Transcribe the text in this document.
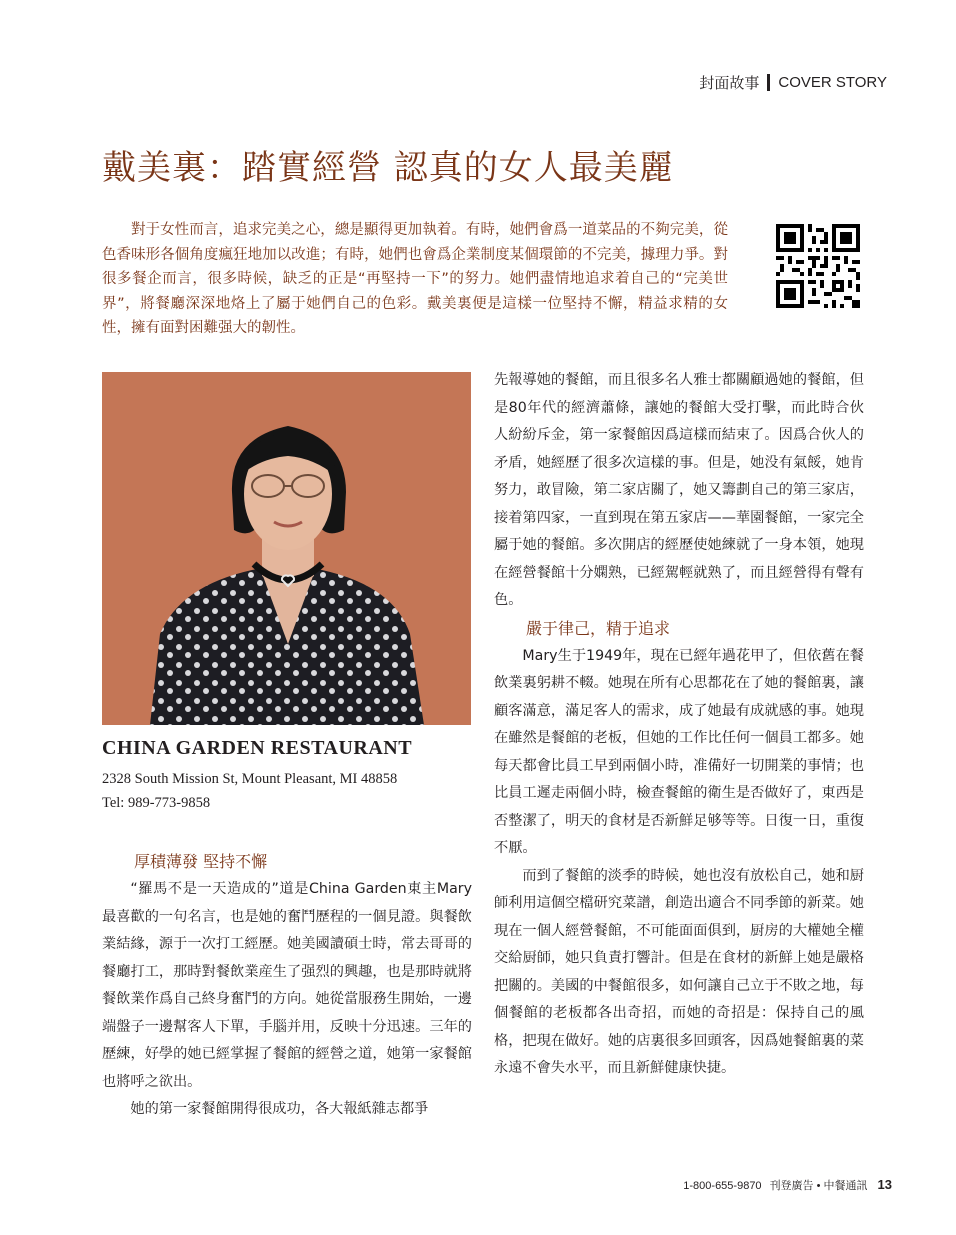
封面故事 COVER STORY
戴美裏：踏實經營 認真的女人最美麗

對于女性而言，追求完美之心，總是顯得更加執着。有時，她們會爲一道菜品的不夠完美，從色香味形各個角度瘋狂地加以改進；有時，她們也會爲企業制度某個環節的不完美，據理力爭。對很多餐企而言，很多時候，缺乏的正是“再堅持一下”的努力。她們盡情地追求着自己的“完美世界”，將餐廳深深地烙上了屬于她們自己的色彩。戴美裏便是這樣一位堅持不懈，精益求精的女性，擁有面對困難强大的韌性。

CHINA GARDEN RESTAURANT
2328 South Mission St, Mount Pleasant, MI 48858
Tel: 989-773-9858

厚積薄發 堅持不懈

“羅馬不是一天造成的”道是China Garden東主Mary最喜歡的一句名言，也是她的奮鬥歷程的一個見證。與餐飲業結緣，源于一次打工經歷。她美國讀碩士時，常去哥哥的餐廳打工，那時對餐飲業産生了强烈的興趣，也是那時就將餐飲業作爲自己終身奮鬥的方向。她從當服務生開始，一邊端盤子一邊幫客人下單，手腦并用，反映十分迅速。三年的歷練，好學的她已經掌握了餐館的經營之道，她第一家餐館也將呼之欲出。

她的第一家餐館開得很成功，各大報紙雜志都爭

先報導她的餐館，而且很多名人雅士都關顧過她的餐館，但是80年代的經濟蕭條，讓她的餐館大受打擊，而此時合伙人紛紛斥金，第一家餐館因爲這樣而結束了。因爲合伙人的矛盾，她經歷了很多次這樣的事。但是，她没有氣餒，她肯努力，敢冒險，第二家店關了，她又籌劃自己的第三家店，接着第四家，一直到現在第五家店——華園餐館，一家完全屬于她的餐館。多次開店的經歷使她練就了一身本領，她現在經營餐館十分嫻熟，已經駕輕就熟了，而且經營得有聲有色。

嚴于律己，精于追求

Mary生于1949年，現在已經年過花甲了，但依舊在餐飲業裏躬耕不輟。她現在所有心思都花在了她的餐館裏，讓顧客滿意，滿足客人的需求，成了她最有成就感的事。她現在雖然是餐館的老板，但她的工作比任何一個員工都多。她每天都會比員工早到兩個小時，准備好一切開業的事情；也比員工遲走兩個小時，檢查餐館的衛生是否做好了，東西是否整潔了，明天的食材是否新鮮足够等等。日復一日，重復不厭。

而到了餐館的淡季的時候，她也沒有放松自己，她和厨師利用這個空檔研究菜譜，創造出適合不同季節的新菜。她現在一個人經營餐館，不可能面面俱到，厨房的大權她全權交給厨師，她只負責打響計。但是在食材的新鮮上她是嚴格把關的。美國的中餐館很多，如何讓自己立于不敗之地，每個餐館的老板都各出奇招，而她的奇招是：保持自己的風格，把現在做好。她的店裏很多回頭客，因爲她餐館裏的菜永遠不會失水平，而且新鮮健康快捷。

1-800-655-9870 刊登廣告 • 中餐通訊 13
